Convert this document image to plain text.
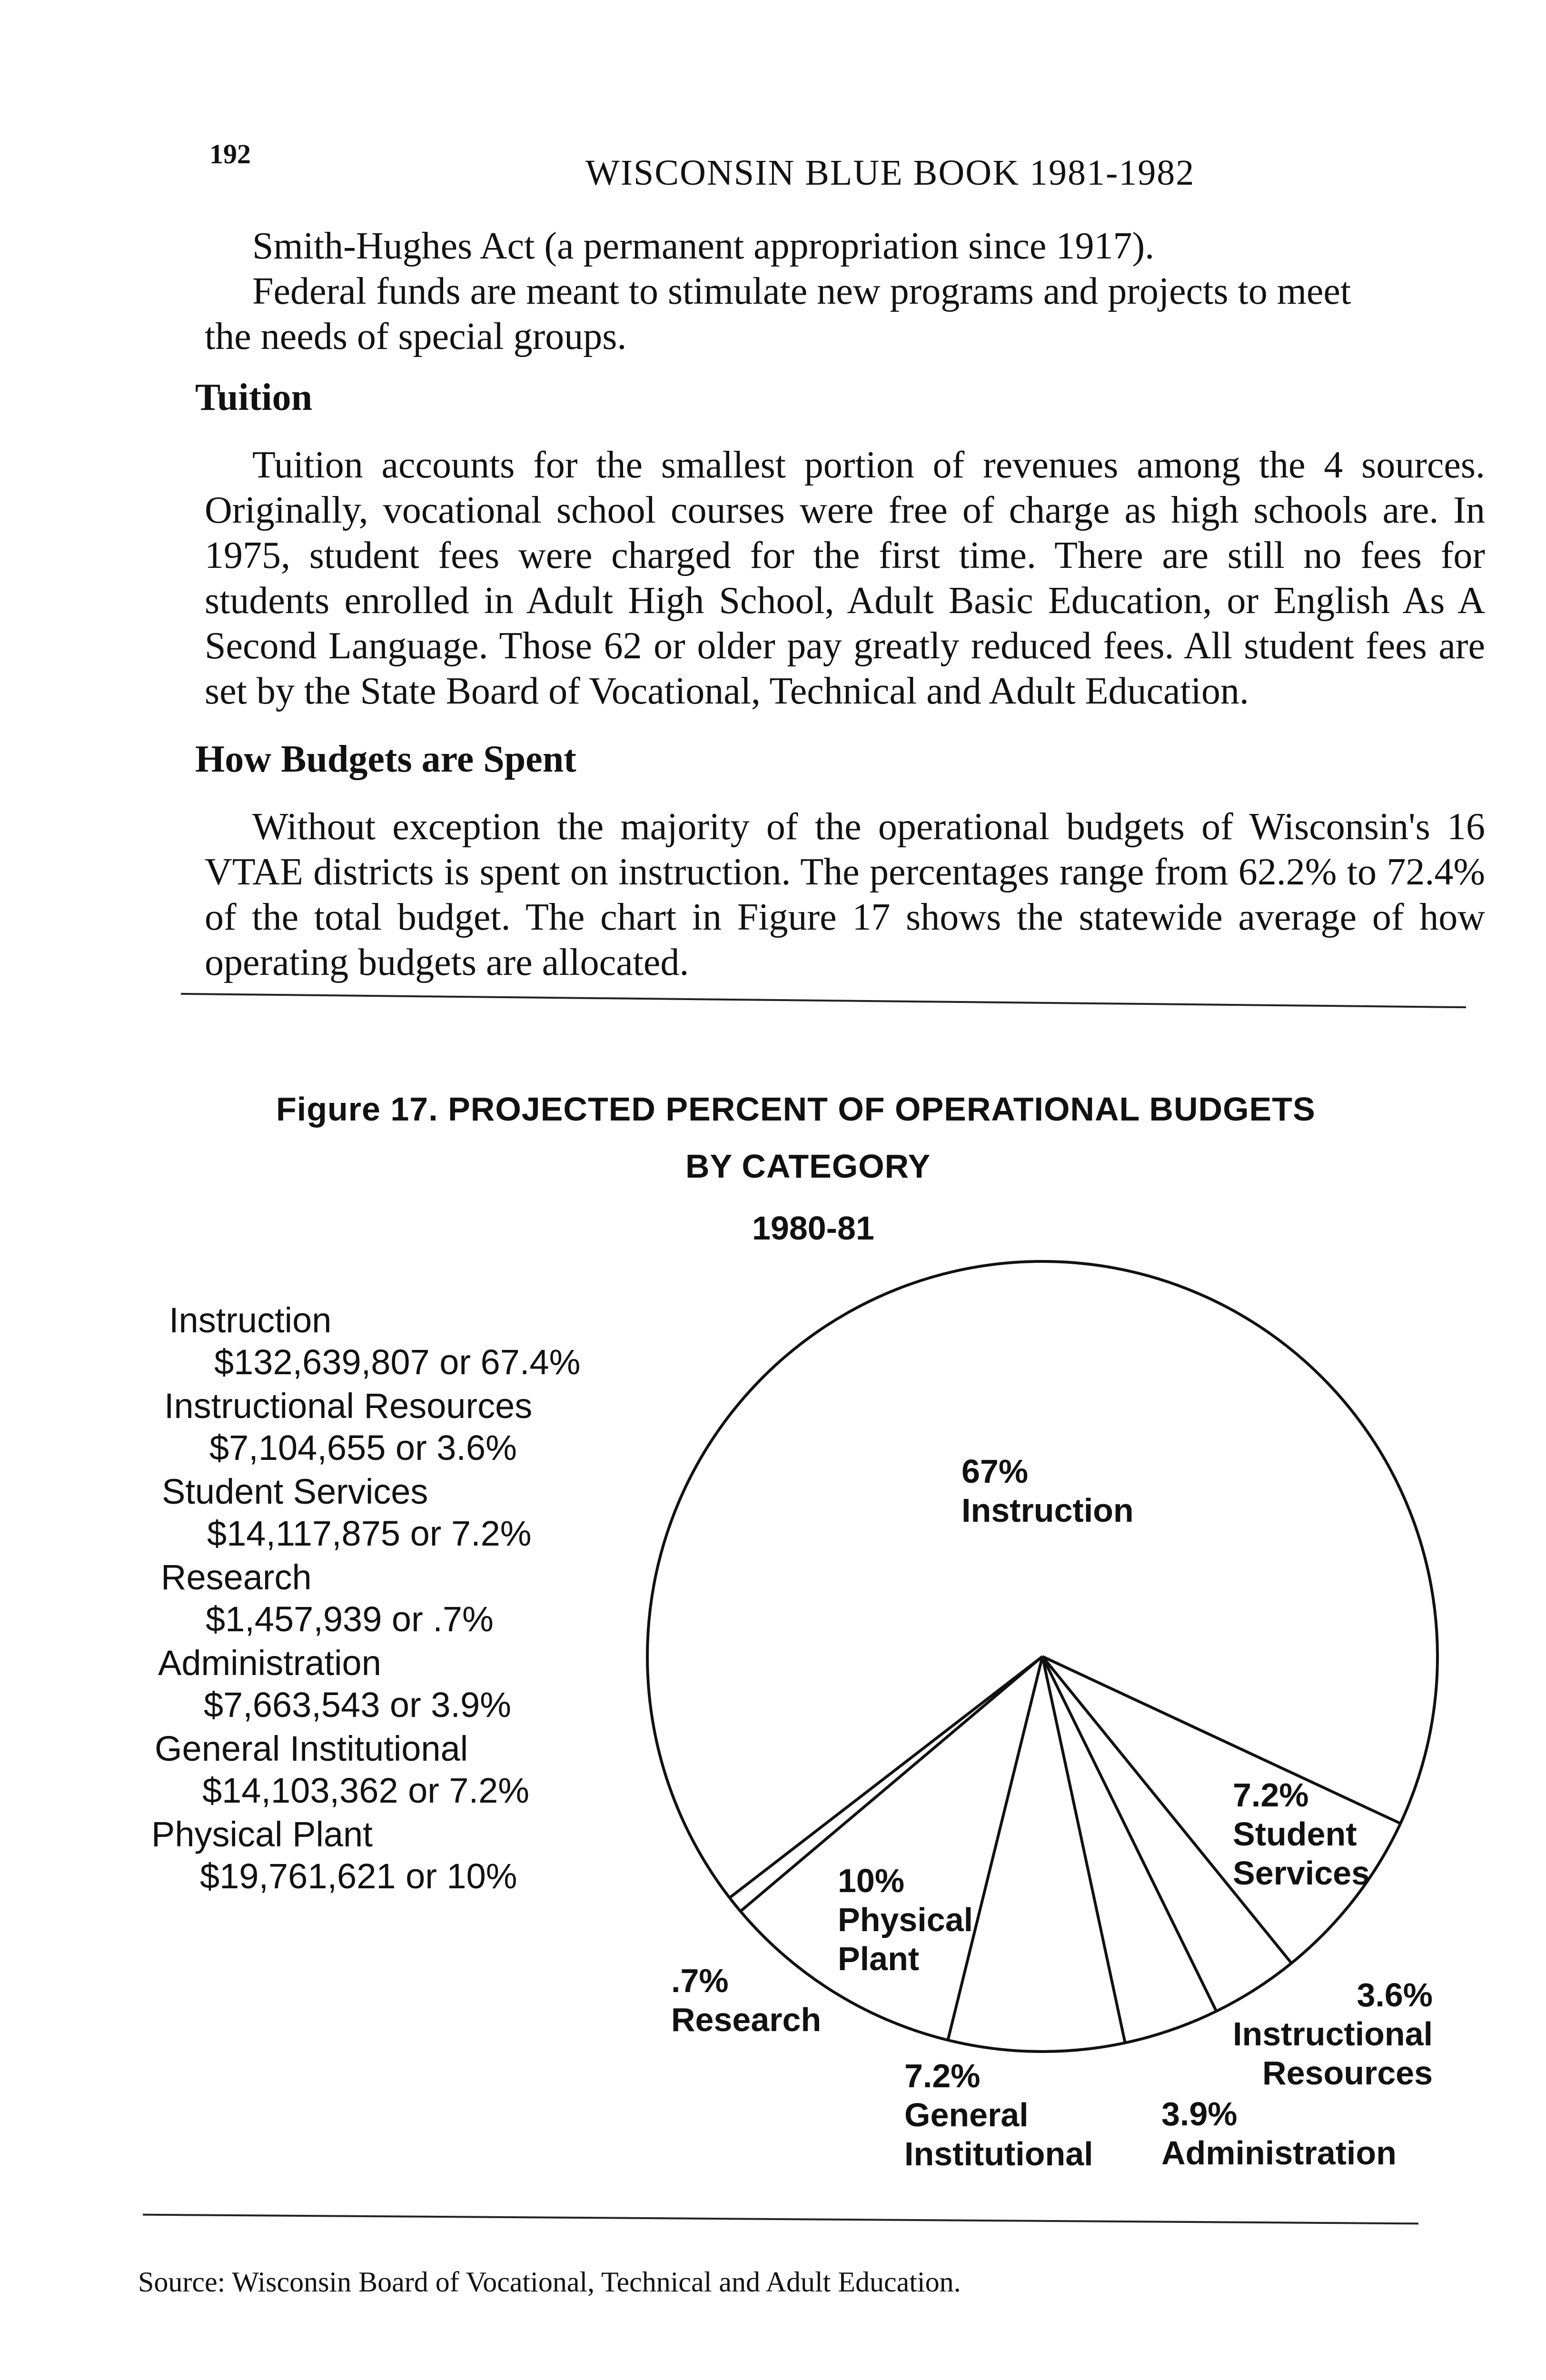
192	WISCONSIN BLUE BOOK 1981-1982
Smith-Hughes Act (a permanent appropriation since 1917).
Federal funds are meant to stimulate new programs and projects to meet
the needs of special groups.
Tuition
Tuition accounts for the smallest portion of revenues among the 4 sources. Originally, vocational school courses were free of charge as high schools are. In 1975, student fees were charged for the first time. There are still no fees for students enrolled in Adult High School, Adult Basic Education, or English As A Second Language. Those 62 or older pay greatly reduced fees. All student fees are set by the State Board of Vocational, Technical and Adult Education.
How Budgets are Spent
Without exception the majority of the operational budgets of Wisconsin's 16 VTAE districts is spent on instruction. The percentages range from 62.2% to 72.4% of the total budget. The chart in Figure 17 shows the statewide average of how operating budgets are allocated.
Figure 17. PROJECTED PERCENT OF OPERATIONAL BUDGETS
BY CATEGORY
1980-81
Instruction
$132,639,807 or 67.4%
Instructional Resources
$7,104,655 or 3.6%
Student Services
$14,117,875 or 7.2%
Research
$1,457,939 or .7%
Administration
$7,663,543 or 3.9%
General Institutional
$14,103,362 or 7.2%
Physical Plant
$19,761,621 or 10%
67%
Instruction
7.2%
Student
Services
3.6%
Instructional
Resources
3.9%
Administration
7.2%
General
Institutional
10%
Physical
Plant
.7%
Research
Source: Wisconsin Board of Vocational, Technical and Adult Education.
